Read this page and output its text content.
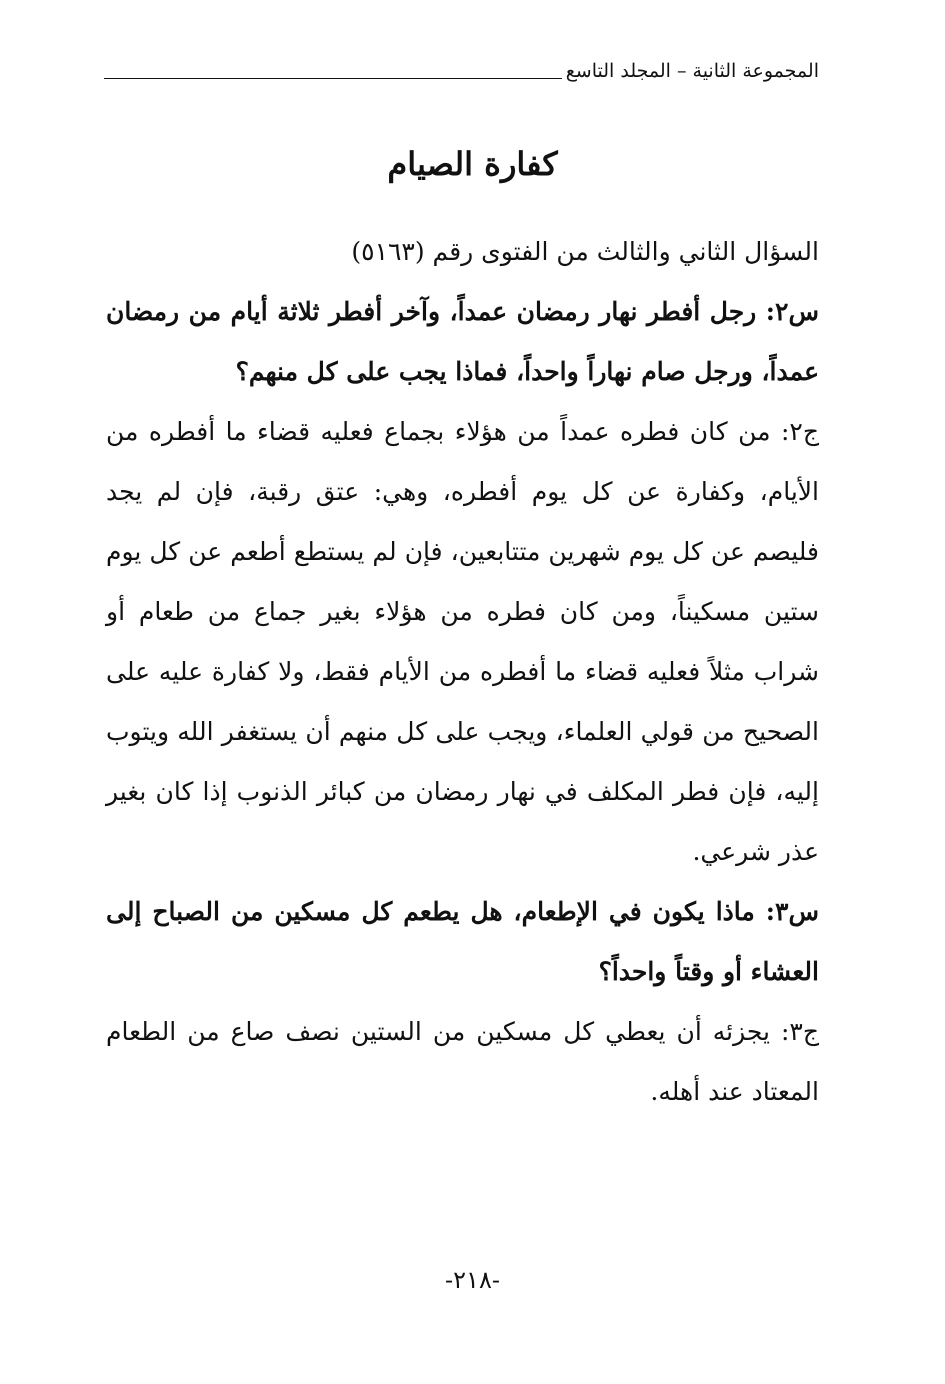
المجموعة الثانية – المجلد التاسع
كفارة الصيام

السؤال الثاني والثالث من الفتوى رقم (٥١٦٣)

س٢: رجل أفطر نهار رمضان عمداً، وآخر أفطر ثلاثة أيام من رمضان عمداً، ورجل صام نهاراً واحداً، فماذا يجب على كل منهم؟

ج٢: من كان فطره عمداً من هؤلاء بجماع فعليه قضاء ما أفطره من الأيام، وكفارة عن كل يوم أفطره، وهي: عتق رقبة، فإن لم يجد فليصم عن كل يوم شهرين متتابعين، فإن لم يستطع أطعم عن كل يوم ستين مسكيناً، ومن كان فطره من هؤلاء بغير جماع من طعام أو شراب مثلاً فعليه قضاء ما أفطره من الأيام فقط، ولا كفارة عليه على الصحيح من قولي العلماء، ويجب على كل منهم أن يستغفر الله ويتوب إليه، فإن فطر المكلف في نهار رمضان من كبائر الذنوب إذا كان بغير عذر شرعي.

س٣: ماذا يكون في الإطعام، هل يطعم كل مسكين من الصباح إلى العشاء أو وقتاً واحداً؟

ج٣: يجزئه أن يعطي كل مسكين من الستين نصف صاع من الطعام المعتاد عند أهله.

-٢١٨-
